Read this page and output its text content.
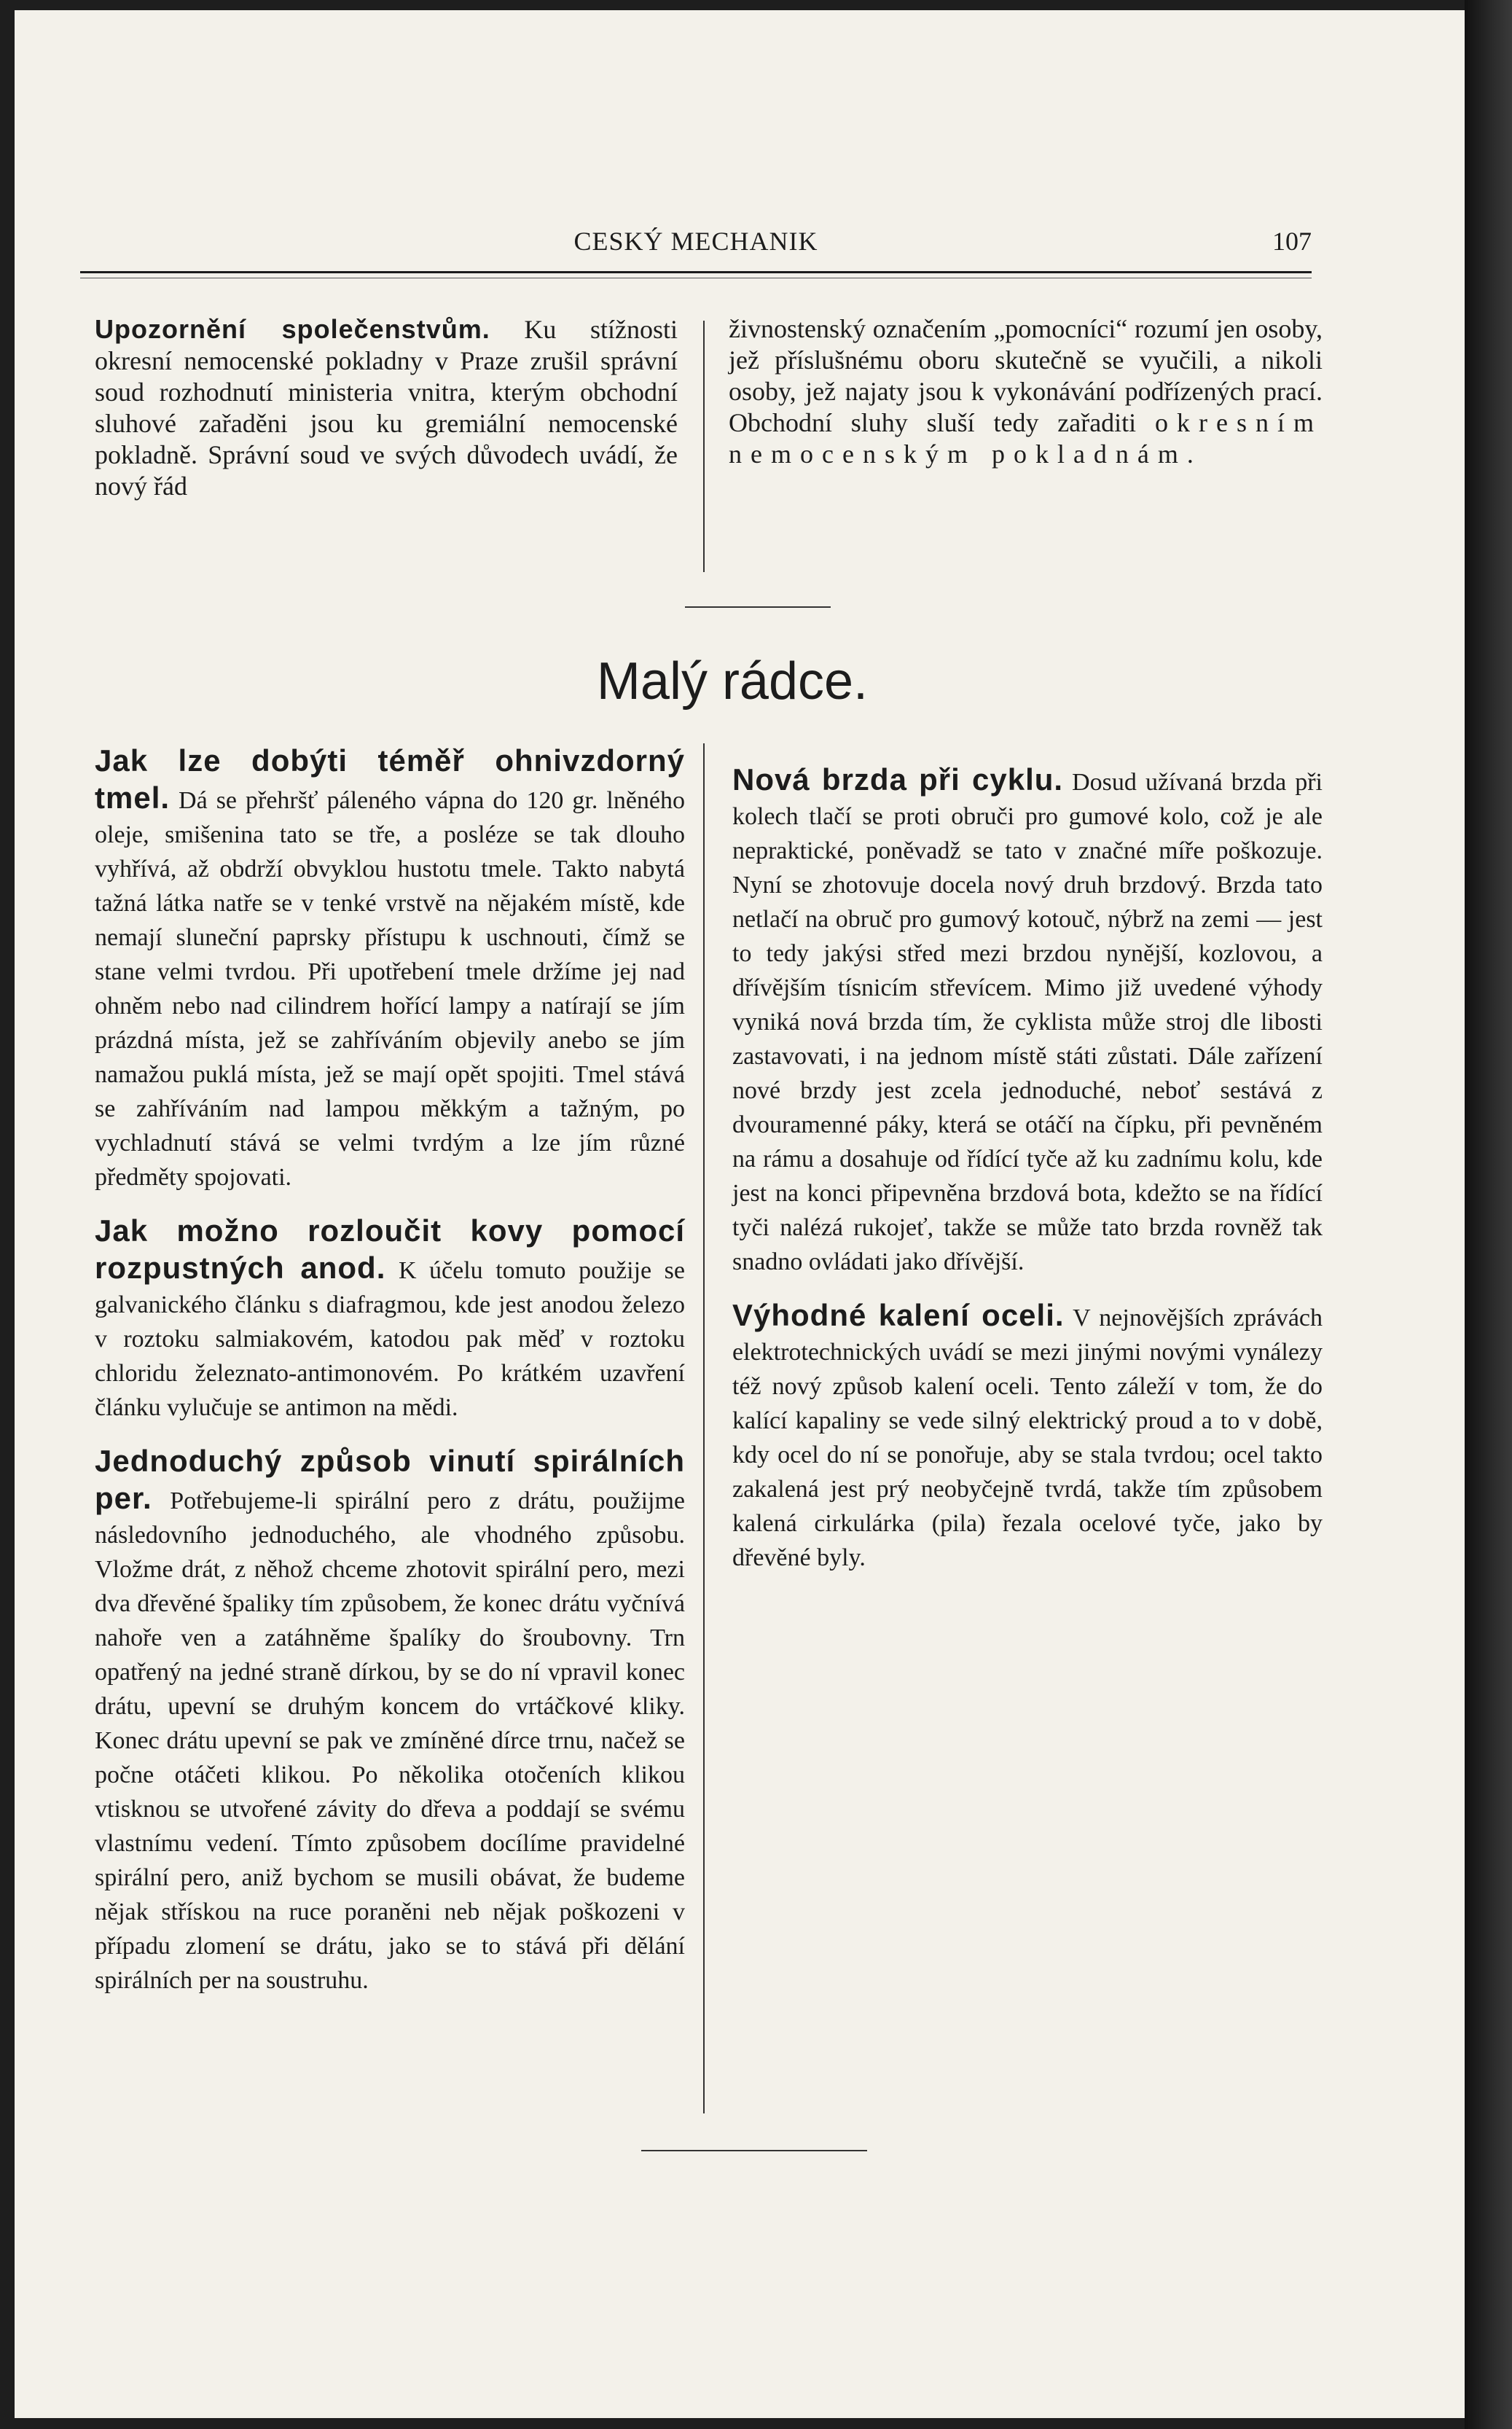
CESKÝ MECHANIK	107

Upozornění společenstvům. Ku stížnosti okresní nemocenské pokladny v Praze zrušil správní soud rozhodnutí ministeria vnitra, kterým obchodní sluhové zařaděni jsou ku gremiální nemocenské pokladně. Správní soud ve svých důvodech uvádí, že nový řád

živnostenský označením „pomocníci“ rozumí jen osoby, jež příslušnému oboru skutečně se vyučili, a nikoli osoby, jež najaty jsou k vykonávání podřízených prací. Obchodní sluhy sluší tedy zařaditi okresním nemocenským pokladnám.

Malý rádce.

Jak lze dobýti téměř ohnivzdorný tmel. Dá se přehršť páleného vápna do 120 gr. lněného oleje, smišenina tato se tře, a posléze se tak dlouho vyhřívá, až obdrží obvyklou hustotu tmele. Takto nabytá tažná látka natře se v tenké vrstvě na nějakém místě, kde nemají sluneční paprsky přístupu k uschnouti, čímž se stane velmi tvrdou. Při upotřebení tmele držíme jej nad ohněm nebo nad cilindrem hořící lampy a natírají se jím prázdná místa, jež se zahříváním objevily anebo se jím namažou puklá místa, jež se mají opět spojiti. Tmel stává se zahříváním nad lampou měkkým a tažným, po vychladnutí stává se velmi tvrdým a lze jím různé předměty spojovati.

Jak možno rozloučit kovy pomocí rozpustných anod. K účelu tomuto použije se galvanického článku s diafragmou, kde jest anodou železo v roztoku salmiakovém, katodou pak měď v roztoku chloridu železnato-antimonovém. Po krátkém uzavření článku vylučuje se antimon na mědi.

Jednoduchý způsob vinutí spirálních per. Potřebujeme-li spirální pero z drátu, použijme následovního jednoduchého, ale vhodného způsobu. Vložme drát, z něhož chceme zhotovit spirální pero, mezi dva dřevěné špaliky tím způsobem, že konec drátu vyčnívá nahoře ven a zatáhněme špalíky do šroubovny. Trn opatřený na jedné straně dírkou, by se do ní vpravil konec drátu, upevní se druhým koncem do vrtáčkové kliky. Konec drátu upevní se pak ve zmíněné dírce trnu, načež se počne otáčeti klikou. Po několika otočeních klikou vtisknou se utvořené závity do dřeva a poddají se svému vlastnímu vedení. Tímto způsobem docílíme pravidelné spirální pero, aniž bychom se musili obávat, že budeme nějak střískou na ruce poraněni neb nějak poškozeni v případu zlomení se drátu, jako se to stává při dělání spirálních per na soustruhu.

Nová brzda při cyklu. Dosud užívaná brzda při kolech tlačí se proti obruči pro gumové kolo, což je ale nepraktické, poněvadž se tato v značné míře poškozuje. Nyní se zhotovuje docela nový druh brzdový. Brzda tato netlačí na obruč pro gumový kotouč, nýbrž na zemi — jest to tedy jakýsi střed mezi brzdou nynější, kozlovou, a dřívějším tísnicím střevícem. Mimo již uvedené výhody vyniká nová brzda tím, že cyklista může stroj dle libosti zastavovati, i na jednom místě státi zůstati. Dále zařízení nové brzdy jest zcela jednoduché, neboť sestává z dvouramenné páky, která se otáčí na čípku, při pevněném na rámu a dosahuje od řídící tyče až ku zadnímu kolu, kde jest na konci připevněna brzdová bota, kdežto se na řídící tyči nalézá rukojeť, takže se může tato brzda rovněž tak snadno ovládati jako dřívější.

Výhodné kalení oceli. V nejnovějších zprávách elektrotechnických uvádí se mezi jinými novými vynálezy též nový způsob kalení oceli. Tento záleží v tom, že do kalící kapaliny se vede silný elektrický proud a to v době, kdy ocel do ní se ponořuje, aby se stala tvrdou; ocel takto zakalená jest prý neobyčejně tvrdá, takže tím způsobem kalená cirkulárka (pila) řezala ocelové tyče, jako by dřevěné byly.
